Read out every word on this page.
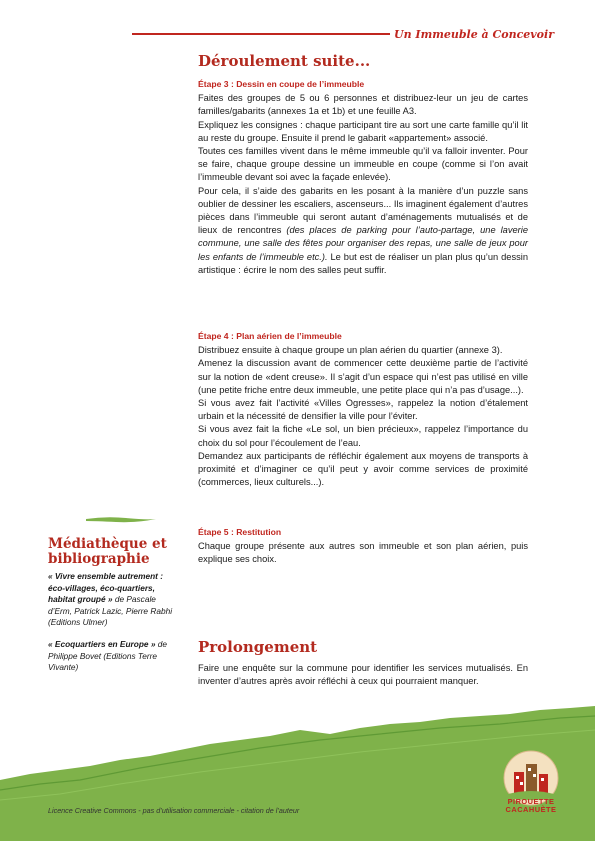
Un Immeuble à Concevoir
Déroulement suite...
Étape 3 : Dessin en coupe de l’immeuble

Faites des groupes de 5 ou 6 personnes et distribuez-leur un jeu de cartes familles/gabarits (annexes 1a et 1b) et une feuille A3.

Expliquez les consignes : chaque participant tire au sort une carte famille qu’il lit au reste du groupe. Ensuite il prend le gabarit «appartement» associé.

Toutes ces familles vivent dans le même immeuble qu’il va falloir inventer. Pour se faire, chaque groupe dessine un immeuble en coupe (comme si l’on avait l’immeuble devant soi avec la façade enlevée).

Pour cela, il s’aide des gabarits en les posant à la manière d’un puzzle sans oublier de dessiner les escaliers, ascenseurs... Ils imaginent également d’autres pièces dans l’immeuble qui seront autant d’aménagements mutualisés et de lieux de rencontres (des places de parking pour l’auto-partage, une laverie commune, une salle des fêtes pour organiser des repas, une salle de jeux pour les enfants de l’immeuble etc.). Le but est de réaliser un plan plus qu’un dessin artistique : écrire le nom des salles peut suffir.

Étape 4 : Plan aérien de l’immeuble

Distribuez ensuite à chaque groupe un plan aérien du quartier (annexe 3).

Amenez la discussion avant de commencer cette deuxième partie de l’activité sur la notion de «dent creuse». Il s’agit d’un espace qui n’est pas utilisé en ville (une petite friche entre deux immeuble, une petite place qui n’a pas d’usage...).

Si vous avez fait l’activité «Villes Ogresses», rappelez la notion d’étalement urbain et la nécessité de densifier la ville pour l’éviter.

Si vous avez fait la fiche «Le sol, un bien précieux», rappelez l’importance du choix du sol pour l’écoulement de l’eau.

Demandez aux participants de réfléchir également aux moyens de transports à proximité et d’imaginer ce qu’il peut y avoir comme services de proximité (commerces, lieux culturels...).

Étape 5 : Restitution

Chaque groupe présente aux autres son immeuble et son plan aérien, puis explique ses choix.

Prolongement

Faire une enquête sur la commune pour identifier les services mutualisés. En inventer d’autres après avoir réfléchi à ceux qui pourraient manquer.

Médiathèque et bibliographie
« Vivre ensemble autrement : éco-villages, éco-quartiers, habitat groupé » de Pascale d’Erm, Patrick Lazic, Pierre Rabhi (Editions Ulmer)
« Ecoquartiers en Europe » de Philippe Bovet (Editions Terre Vivante)
Licence Creative Commons - pas d’utilisation commerciale - citation de l’auteur
PIROUETTE
CACAHUÈTE
